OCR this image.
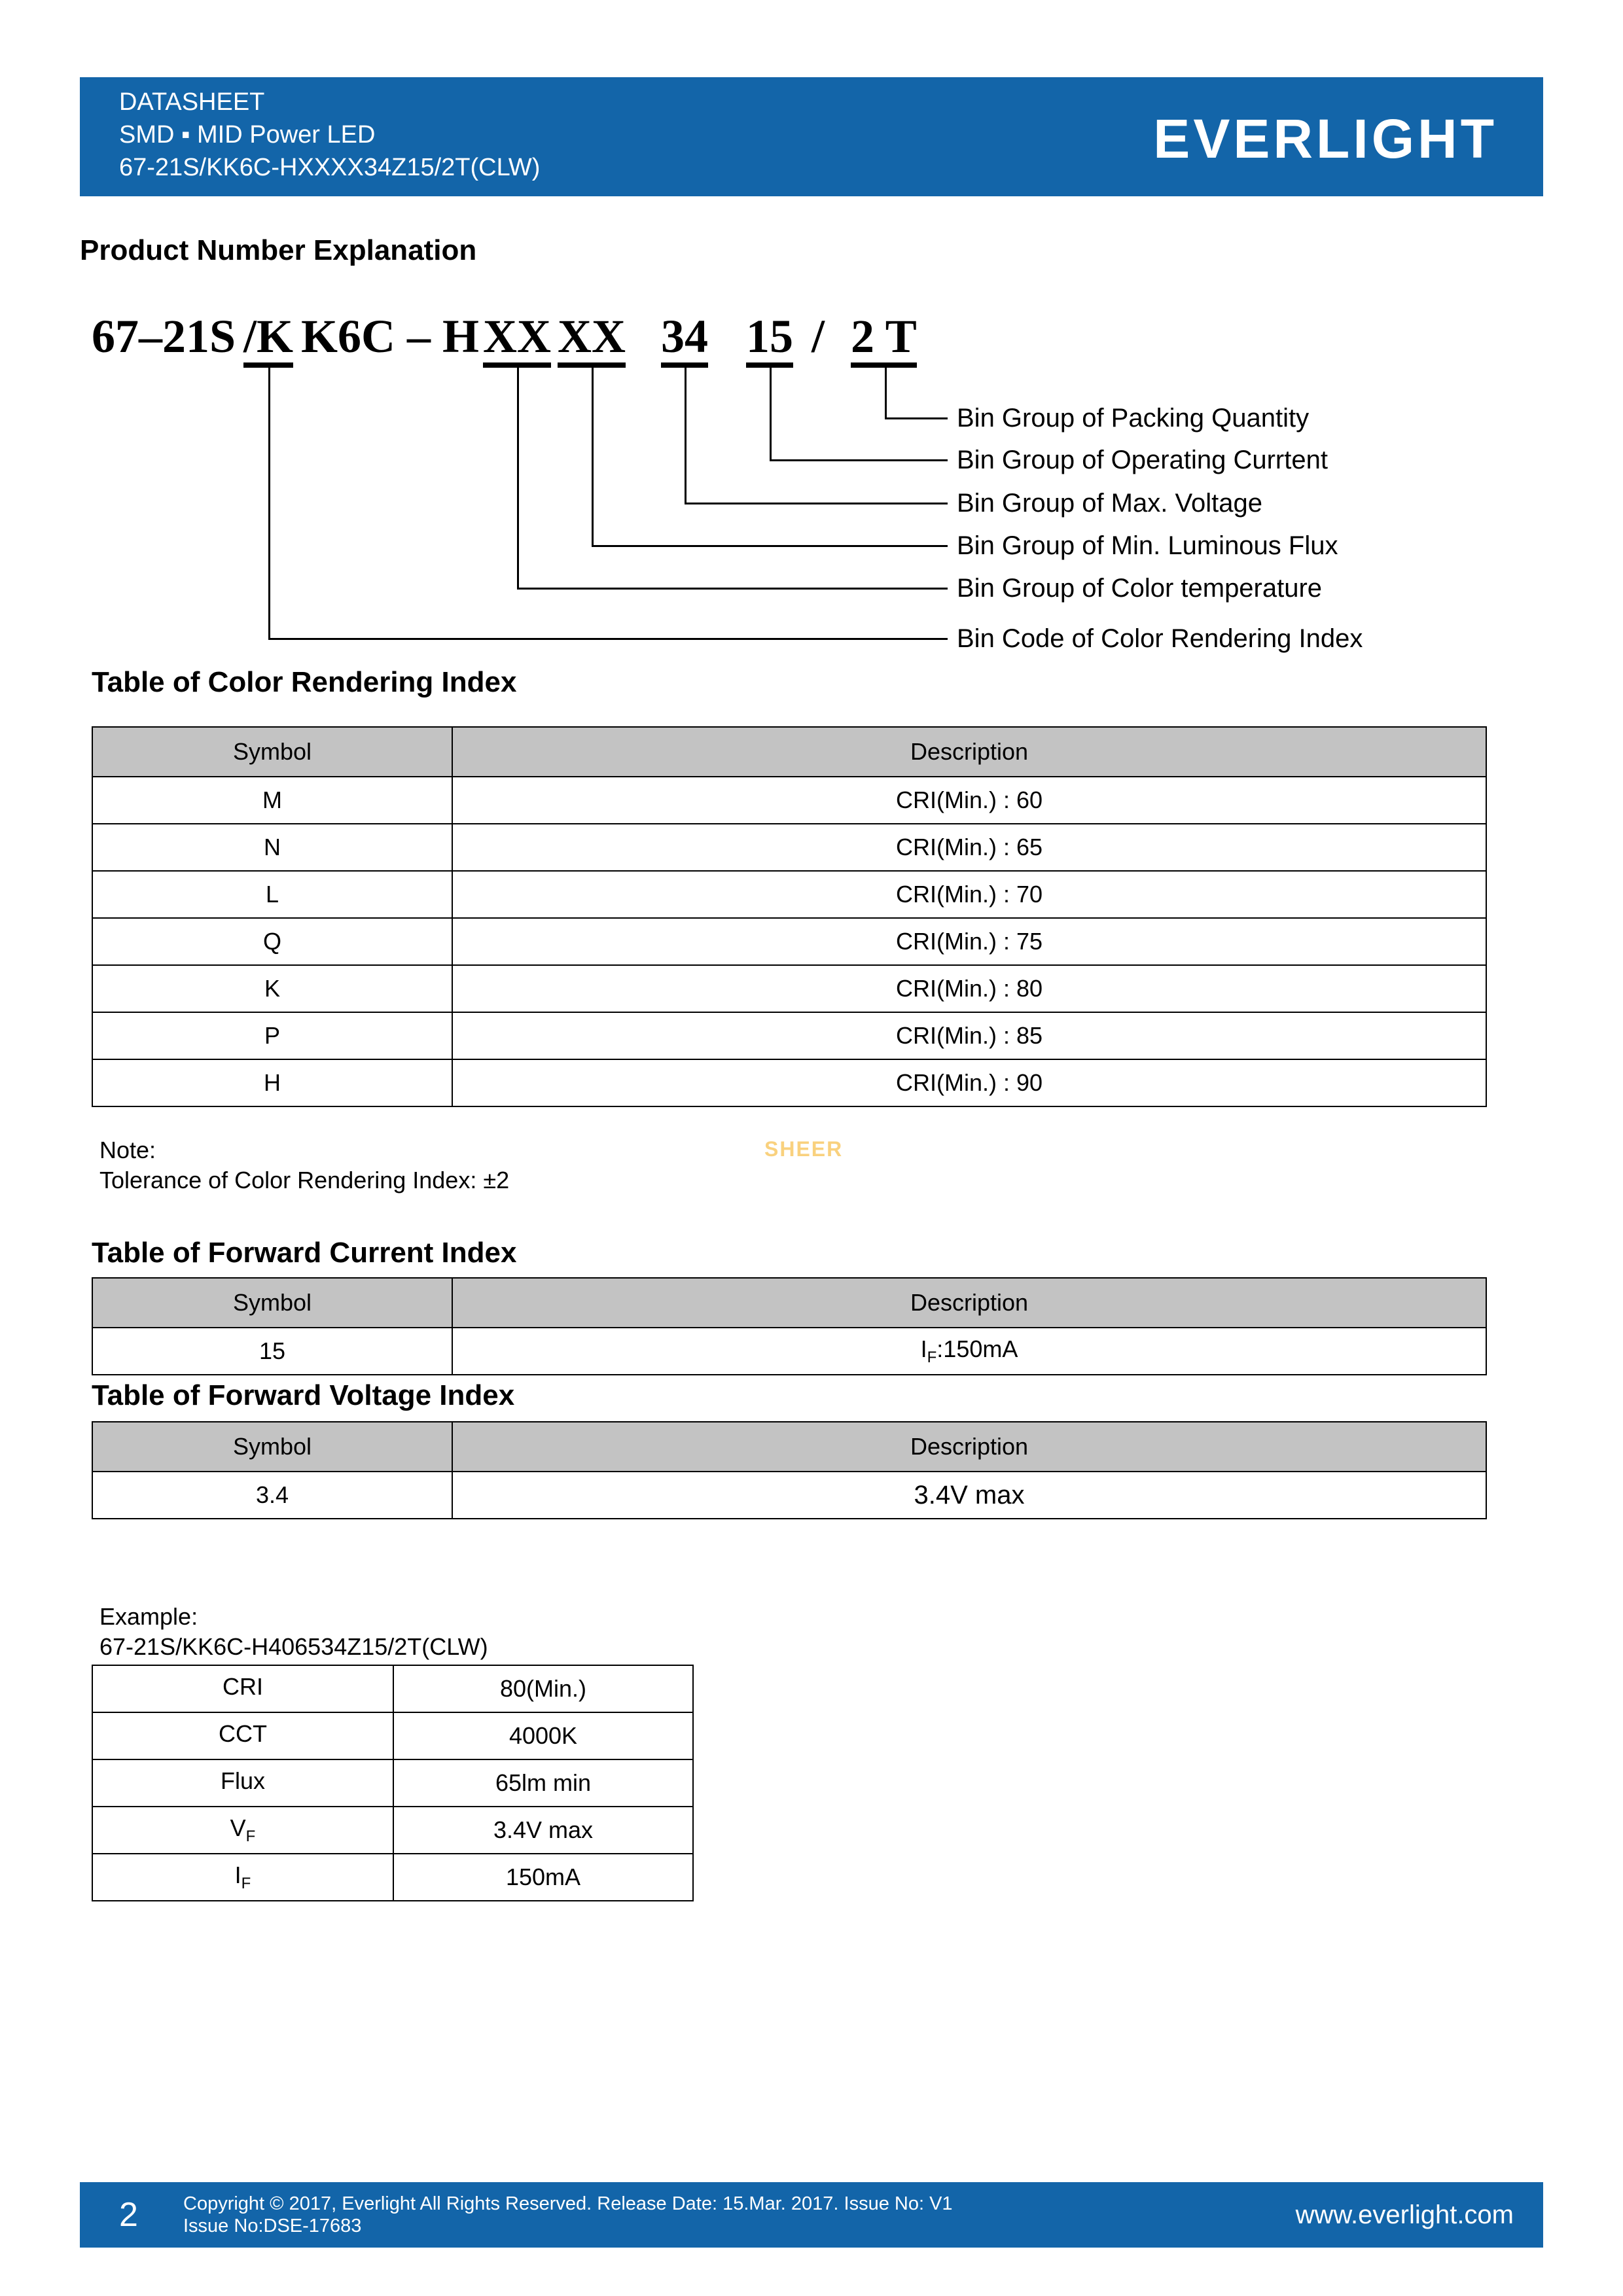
DATASHEET
SMD ▪ MID Power LED
67-21S/KK6C-HXXXX34Z15/2T(CLW)	EVERLIGHT
Product Number Explanation
67–21S /K K6C – H XX XX 34 15 / 2 T
Bin Group of Packing Quantity
Bin Group of Operating Currtent
Bin Group of Max. Voltage
Bin Group of Min. Luminous Flux
Bin Group of Color temperature
Bin Code of Color Rendering Index
Table of Color Rendering Index
Symbol	Description
M	CRI(Min.) : 60
N	CRI(Min.) : 65
L	CRI(Min.) : 70
Q	CRI(Min.) : 75
K	CRI(Min.) : 80
P	CRI(Min.) : 85
H	CRI(Min.) : 90
Note:
Tolerance of Color Rendering Index: ±2
SHEER
Table of Forward Current Index
Symbol	Description
15	$I_F:150mA$
Table of Forward Voltage Index
Symbol	Description
3.4	3.4V max
Example:
67-21S/KK6C-H406534Z15/2T(CLW)
CRI	80(Min.)
CCT	4000K
Flux	65lm min
$V_F$	3.4V max
$I_F$	150mA
2 Copyright © 2017, Everlight All Rights Reserved. Release Date: 15.Mar. 2017. Issue No: V1
Issue No:DSE-17683	www.everlight.com
